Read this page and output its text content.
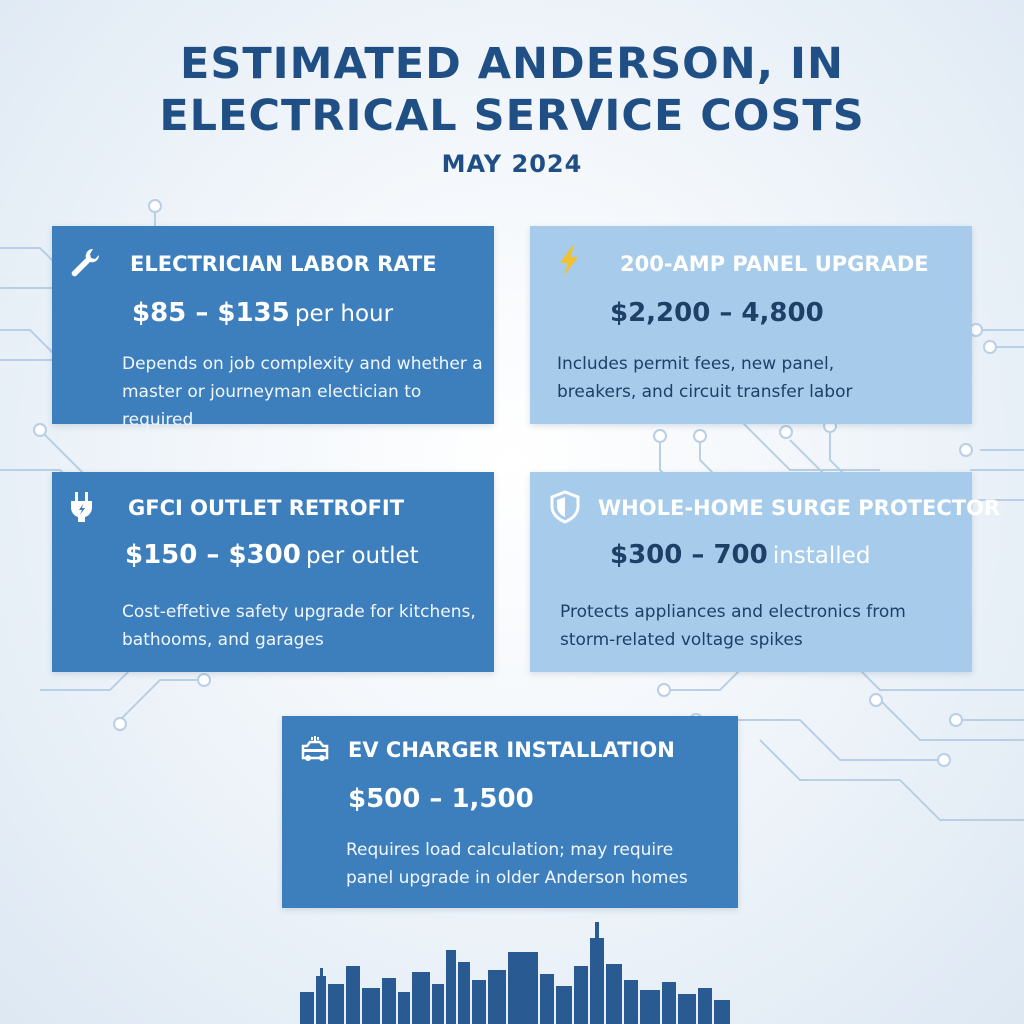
ESTIMATED ANDERSON, IN
ELECTRICAL SERVICE COSTS
MAY 2024
ELECTRICIAN LABOR RATE
$85 – $135 per hour
Depends on job complexity and whether a
master or journeyman electician to required
200-AMP PANEL UPGRADE
$2,200 – 4,800
Includes permit fees, new panel,
breakers, and circuit transfer labor
GFCI OUTLET RETROFIT
$150 – $300 per outlet
Cost-effetive safety upgrade for kitchens,
bathooms, and garages
WHOLE-HOME SURGE PROTECTOR
$300 – 700 installed
Protects appliances and electronics from
storm-related voltage spikes
EV CHARGER INSTALLATION
$500 – 1,500
Requires load calculation; may require
panel upgrade in older Anderson homes
